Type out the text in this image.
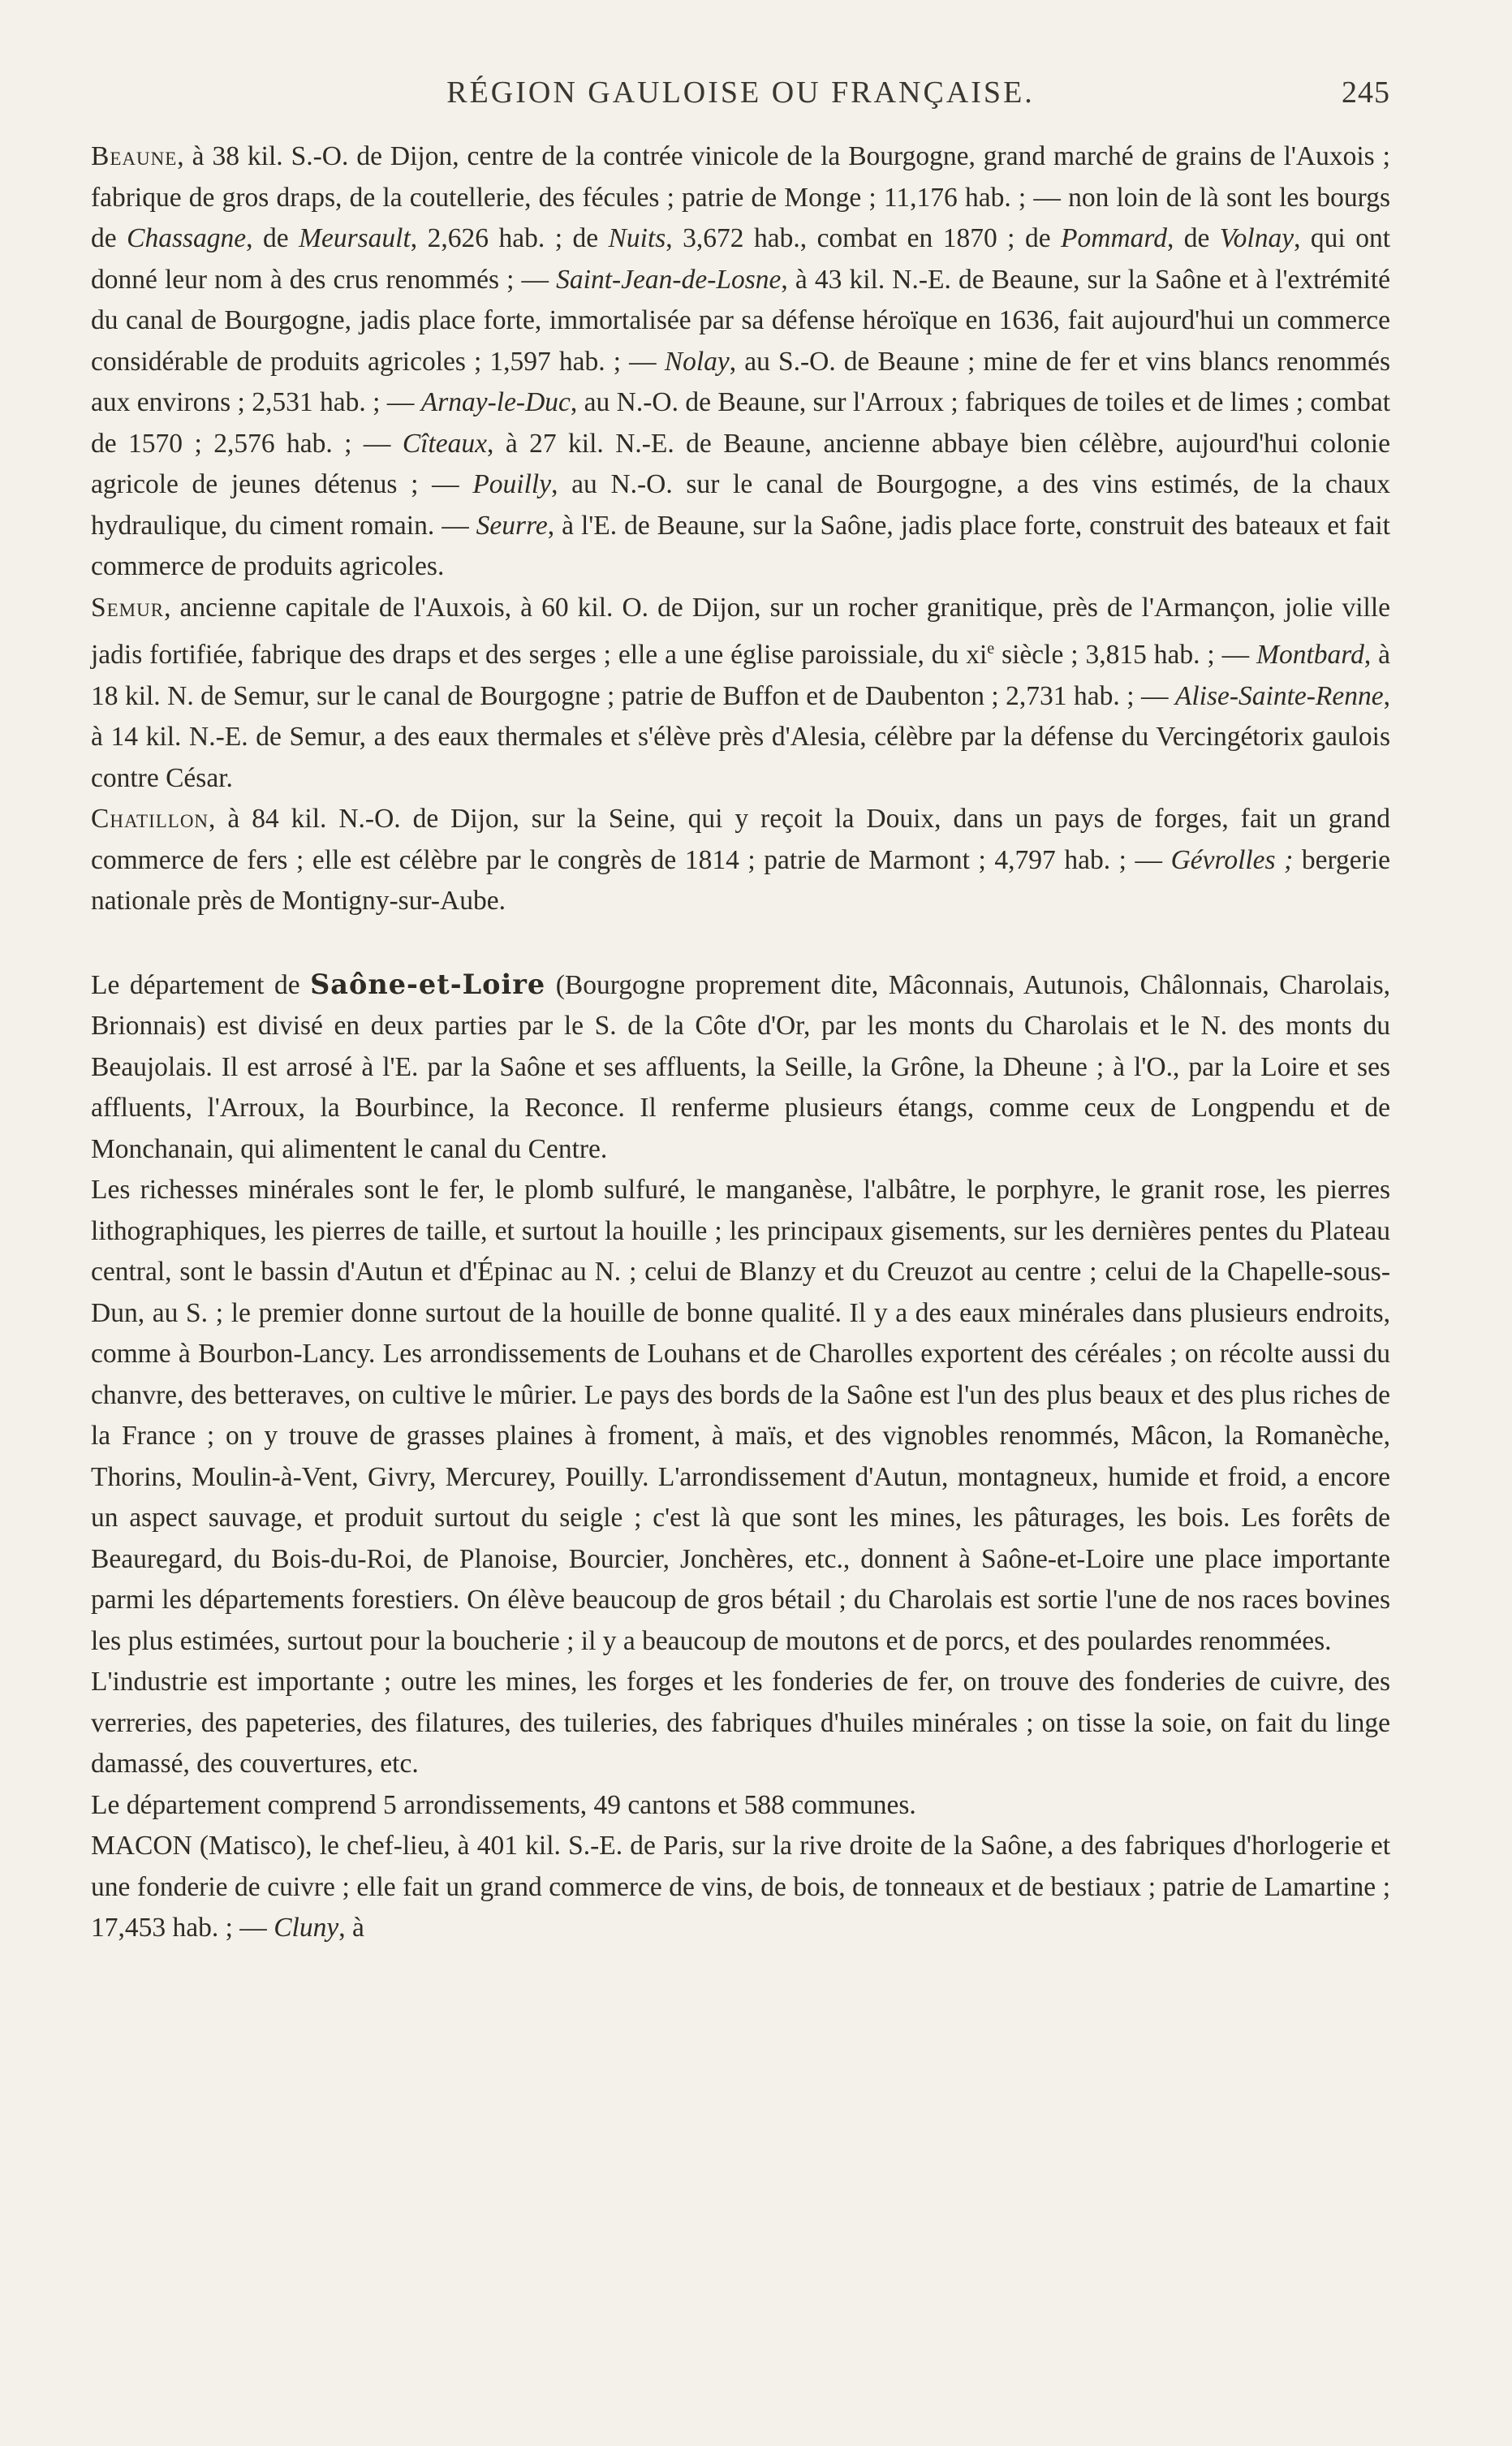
RÉGION GAULOISE OU FRANÇAISE.	245

Beaune, à 38 kil. S.-O. de Dijon, centre de la contrée vinicole de la Bourgogne, grand marché de grains de l'Auxois ; fabrique de gros draps, de la coutellerie, des fécules ; patrie de Monge ; 11,176 hab. ; — non loin de là sont les bourgs de Chassagne, de Meursault, 2,626 hab. ; de Nuits, 3,672 hab., combat en 1870 ; de Pommard, de Volnay, qui ont donné leur nom à des crus renommés ; — Saint-Jean-de-Losne, à 43 kil. N.-E. de Beaune, sur la Saône et à l'extrémité du canal de Bourgogne, jadis place forte, immortalisée par sa défense héroïque en 1636, fait aujourd'hui un commerce considérable de produits agricoles ; 1,597 hab. ; — Nolay, au S.-O. de Beaune ; mine de fer et vins blancs renommés aux environs ; 2,531 hab. ; — Arnay-le-Duc, au N.-O. de Beaune, sur l'Arroux ; fabriques de toiles et de limes ; combat de 1570 ; 2,576 hab. ; — Cîteaux, à 27 kil. N.-E. de Beaune, ancienne abbaye bien célèbre, aujourd'hui colonie agricole de jeunes détenus ; — Pouilly, au N.-O. sur le canal de Bourgogne, a des vins estimés, de la chaux hydraulique, du ciment romain. — Seurre, à l'E. de Beaune, sur la Saône, jadis place forte, construit des bateaux et fait commerce de produits agricoles.

Semur, ancienne capitale de l'Auxois, à 60 kil. O. de Dijon, sur un rocher granitique, près de l'Armançon, jolie ville jadis fortifiée, fabrique des draps et des serges ; elle a une église paroissiale, du $xi^e$ siècle ; 3,815 hab. ; — Montbard, à 18 kil. N. de Semur, sur le canal de Bourgogne ; patrie de Buffon et de Daubenton ; 2,731 hab. ; — Alise-Sainte-Renne, à 14 kil. N.-E. de Semur, a des eaux thermales et s'élève près d'Alesia, célèbre par la défense du Vercingétorix gaulois contre César.

Chatillon, à 84 kil. N.-O. de Dijon, sur la Seine, qui y reçoit la Douix, dans un pays de forges, fait un grand commerce de fers ; elle est célèbre par le congrès de 1814 ; patrie de Marmont ; 4,797 hab. ; — Gévrolles ; bergerie nationale près de Montigny-sur-Aube.

Le département de Saône-et-Loire (Bourgogne proprement dite, Mâconnais, Autunois, Châlonnais, Charolais, Brionnais) est divisé en deux parties par le S. de la Côte d'Or, par les monts du Charolais et le N. des monts du Beaujolais. Il est arrosé à l'E. par la Saône et ses affluents, la Seille, la Grône, la Dheune ; à l'O., par la Loire et ses affluents, l'Arroux, la Bourbince, la Reconce. Il renferme plusieurs étangs, comme ceux de Longpendu et de Monchanain, qui alimentent le canal du Centre.

Les richesses minérales sont le fer, le plomb sulfuré, le manganèse, l'albâtre, le porphyre, le granit rose, les pierres lithographiques, les pierres de taille, et surtout la houille ; les principaux gisements, sur les dernières pentes du Plateau central, sont le bassin d'Autun et d'Épinac au N. ; celui de Blanzy et du Creuzot au centre ; celui de la Chapelle-sous-Dun, au S. ; le premier donne surtout de la houille de bonne qualité. Il y a des eaux minérales dans plusieurs endroits, comme à Bourbon-Lancy. Les arrondissements de Louhans et de Charolles exportent des céréales ; on récolte aussi du chanvre, des betteraves, on cultive le mûrier. Le pays des bords de la Saône est l'un des plus beaux et des plus riches de la France ; on y trouve de grasses plaines à froment, à maïs, et des vignobles renommés, Mâcon, la Romanèche, Thorins, Moulin-à-Vent, Givry, Mercurey, Pouilly. L'arrondissement d'Autun, montagneux, humide et froid, a encore un aspect sauvage, et produit surtout du seigle ; c'est là que sont les mines, les pâturages, les bois. Les forêts de Beauregard, du Bois-du-Roi, de Planoise, Bourcier, Jonchères, etc., donnent à Saône-et-Loire une place importante parmi les départements forestiers. On élève beaucoup de gros bétail ; du Charolais est sortie l'une de nos races bovines les plus estimées, surtout pour la boucherie ; il y a beaucoup de moutons et de porcs, et des poulardes renommées.

L'industrie est importante ; outre les mines, les forges et les fonderies de fer, on trouve des fonderies de cuivre, des verreries, des papeteries, des filatures, des tuileries, des fabriques d'huiles minérales ; on tisse la soie, on fait du linge damassé, des couvertures, etc.

Le département comprend 5 arrondissements, 49 cantons et 588 communes.

MACON (Matisco), le chef-lieu, à 401 kil. S.-E. de Paris, sur la rive droite de la Saône, a des fabriques d'horlogerie et une fonderie de cuivre ; elle fait un grand commerce de vins, de bois, de tonneaux et de bestiaux ; patrie de Lamartine ; 17,453 hab. ; — Cluny, à
